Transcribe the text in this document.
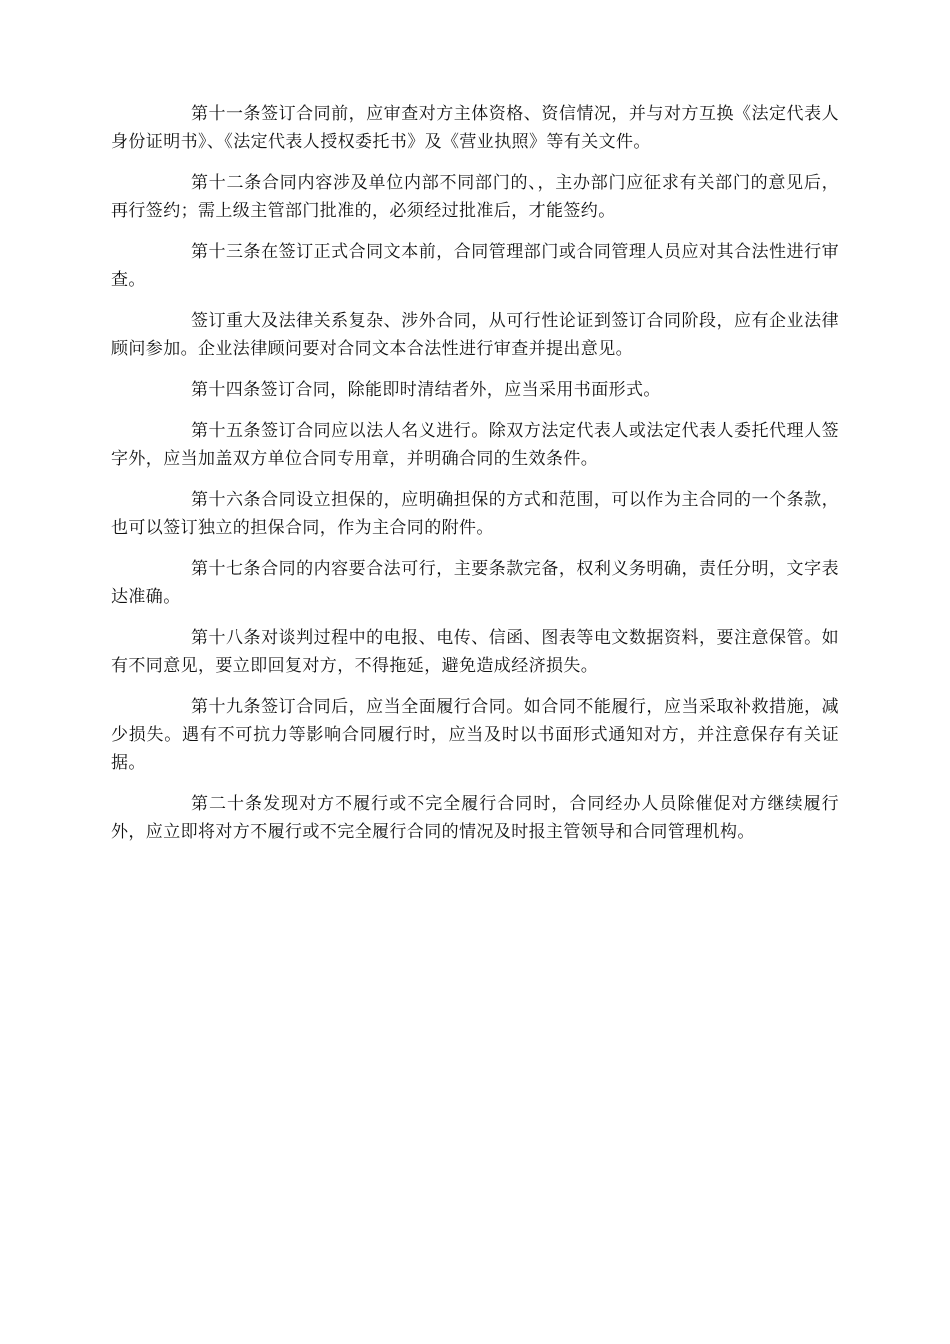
第十一条签订合同前，应审查对方主体资格、资信情况，并与对方互换《法定代表人身份证明书》、《法定代表人授权委托书》及《营业执照》等有关文件。

第十二条合同内容涉及单位内部不同部门的、，主办部门应征求有关部门的意见后，再行签约；需上级主管部门批准的，必须经过批准后，才能签约。

第十三条在签订正式合同文本前，合同管理部门或合同管理人员应对其合法性进行审查。

签订重大及法律关系复杂、涉外合同，从可行性论证到签订合同阶段，应有企业法律顾问参加。企业法律顾问要对合同文本合法性进行审查并提出意见。

第十四条签订合同，除能即时清结者外，应当采用书面形式。

第十五条签订合同应以法人名义进行。除双方法定代表人或法定代表人委托代理人签字外，应当加盖双方单位合同专用章，并明确合同的生效条件。

第十六条合同设立担保的，应明确担保的方式和范围，可以作为主合同的一个条款，也可以签订独立的担保合同，作为主合同的附件。

第十七条合同的内容要合法可行，主要条款完备，权利义务明确，责任分明，文字表达准确。

第十八条对谈判过程中的电报、电传、信函、图表等电文数据资料，要注意保管。如有不同意见，要立即回复对方，不得拖延，避免造成经济损失。

第十九条签订合同后，应当全面履行合同。如合同不能履行，应当采取补救措施，减少损失。遇有不可抗力等影响合同履行时，应当及时以书面形式通知对方，并注意保存有关证据。

第二十条发现对方不履行或不完全履行合同时，合同经办人员除催促对方继续履行外，应立即将对方不履行或不完全履行合同的情况及时报主管领导和合同管理机构。
